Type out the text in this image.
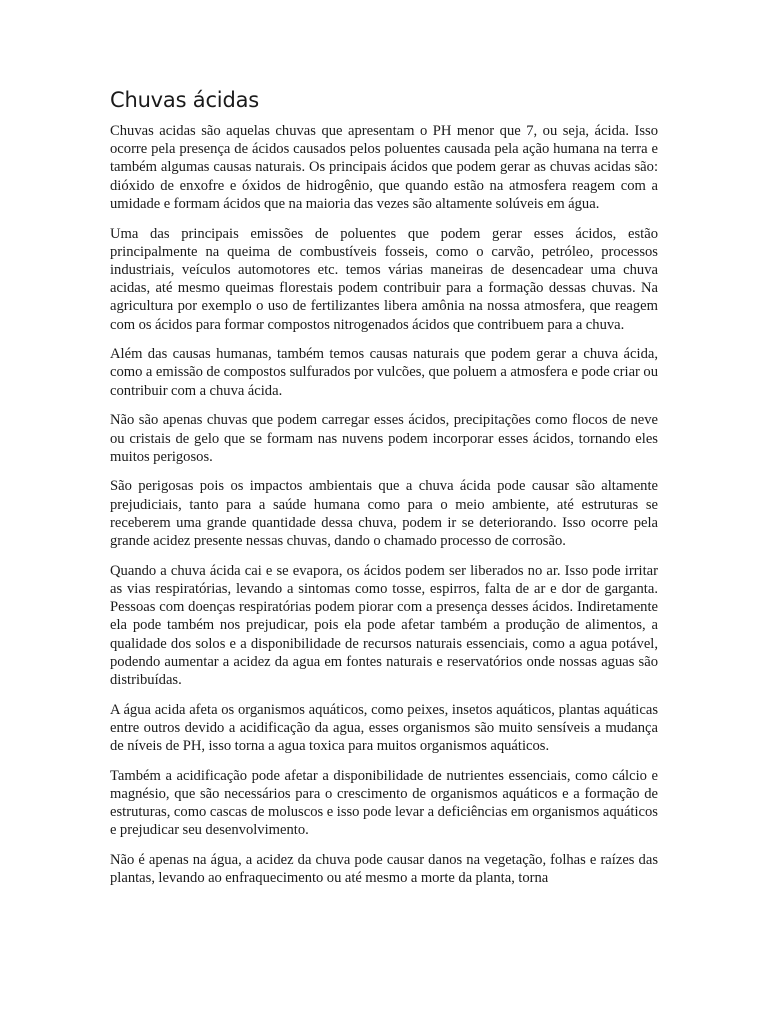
Chuvas ácidas

Chuvas acidas são aquelas chuvas que apresentam o PH menor que 7, ou seja, ácida. Isso ocorre pela presença de ácidos causados pelos poluentes causada pela ação humana na terra e também algumas causas naturais. Os principais ácidos que podem gerar as chuvas acidas são: dióxido de enxofre e óxidos de hidrogênio, que quando estão na atmosfera reagem com a umidade e formam ácidos que na maioria das vezes são altamente solúveis em água.

Uma das principais emissões de poluentes que podem gerar esses ácidos, estão principalmente na queima de combustíveis fosseis, como o carvão, petróleo, processos industriais, veículos automotores etc. temos várias maneiras de desencadear uma chuva acidas, até mesmo queimas florestais podem contribuir para a formação dessas chuvas. Na agricultura por exemplo o uso de fertilizantes libera amônia na nossa atmosfera, que reagem com os ácidos para formar compostos nitrogenados ácidos que contribuem para a chuva.

Além das causas humanas, também temos causas naturais que podem gerar a chuva ácida, como a emissão de compostos sulfurados por vulcões, que poluem a atmosfera e pode criar ou contribuir com a chuva ácida.

Não são apenas chuvas que podem carregar esses ácidos, precipitações como flocos de neve ou cristais de gelo que se formam nas nuvens podem incorporar esses ácidos, tornando eles muitos perigosos.

São perigosas pois os impactos ambientais que a chuva ácida pode causar são altamente prejudiciais, tanto para a saúde humana como para o meio ambiente, até estruturas se receberem uma grande quantidade dessa chuva, podem ir se deteriorando. Isso ocorre pela grande acidez presente nessas chuvas, dando o chamado processo de corrosão.

Quando a chuva ácida cai e se evapora, os ácidos podem ser liberados no ar. Isso pode irritar as vias respiratórias, levando a sintomas como tosse, espirros, falta de ar e dor de garganta. Pessoas com doenças respiratórias podem piorar com a presença desses ácidos. Indiretamente ela pode também nos prejudicar, pois ela pode afetar também a produção de alimentos, a qualidade dos solos e a disponibilidade de recursos naturais essenciais, como a agua potável, podendo aumentar a acidez da agua em fontes naturais e reservatórios onde nossas aguas são distribuídas.

A água acida afeta os organismos aquáticos, como peixes, insetos aquáticos, plantas aquáticas entre outros devido a acidificação da agua, esses organismos são muito sensíveis a mudança de níveis de PH, isso torna a agua toxica para muitos organismos aquáticos.

Também a acidificação pode afetar a disponibilidade de nutrientes essenciais, como cálcio e magnésio, que são necessários para o crescimento de organismos aquáticos e a formação de estruturas, como cascas de moluscos e isso pode levar a deficiências em organismos aquáticos e prejudicar seu desenvolvimento.

Não é apenas na água, a acidez da chuva pode causar danos na vegetação, folhas e raízes das plantas, levando ao enfraquecimento ou até mesmo a morte da planta, torna
